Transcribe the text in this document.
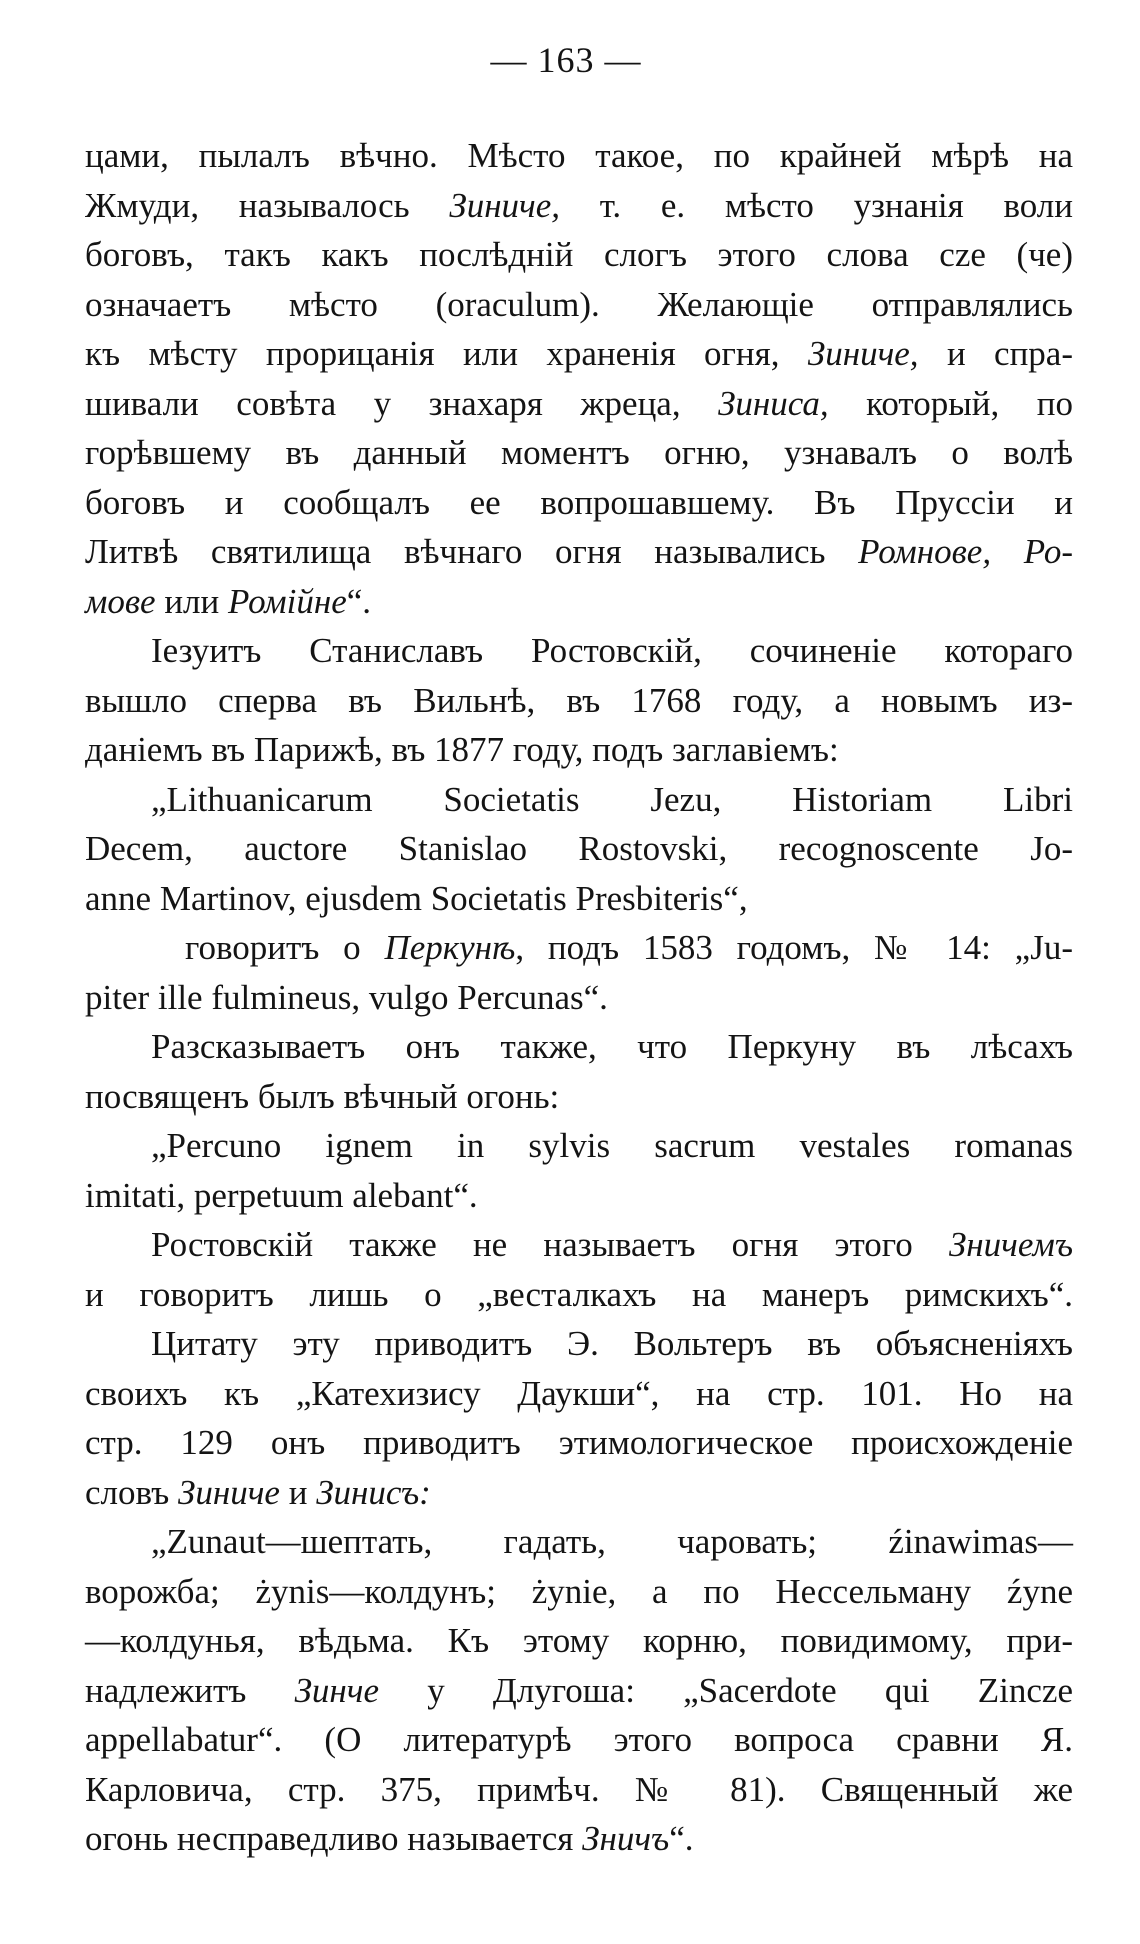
— 163 —
цами, пылалъ вѣчно. Мѣсто такое, по крайней мѣрѣ на
Жмуди, называлось Зиниче, т. е. мѣсто узнанія воли
боговъ, такъ какъ послѣдній слогъ этого слова cze (че)
означаетъ мѣсто (oraculum). Желающіе отправлялись
къ мѣсту прорицанія или храненія огня, Зиниче, и спра-
шивали совѣта у знахаря жреца, Зиниса, который, по
горѣвшему въ данный моментъ огню, узнавалъ о волѣ
боговъ и сообщалъ ее вопрошавшему. Въ Пруссіи и
Литвѣ святилища вѣчнаго огня назывались Ромнове, Ро-
мове или Ромійне“.
Іезуитъ Станиславъ Ростовскій, сочиненіе котораго
вышло сперва въ Вильнѣ, въ 1768 году, а новымъ из-
даніемъ въ Парижѣ, въ 1877 году, подъ заглавіемъ:
„Lithuanicarum Societatis Jezu, Historiam Libri
Decem, auctore Stanislao Rostovski, recognoscente Jo-
anne Martinov, ejusdem Societatis Presbiteris“,
говоритъ о Перкунѣ, подъ 1583 годомъ, № 14: „Ju-
piter ille fulmineus, vulgo Percunas“.
Разсказываетъ онъ также, что Перкуну въ лѣсахъ
посвященъ былъ вѣчный огонь:
„Percuno ignem in sylvis sacrum vestales romanas
imitati, perpetuum alebant“.
Ростовскій также не называетъ огня этого Зничемъ
и говоритъ лишь о „весталкахъ на манеръ римскихъ“.
Цитату эту приводитъ Э. Вольтеръ въ объясненіяхъ
своихъ къ „Катехизису Даукши“, на стр. 101. Но на
стр. 129 онъ приводитъ этимологическое происхожденіе
словъ Зиниче и Зинисъ:
„Zunaut—шептать, гадать, чаровать; źinawimas—
ворожба; żynis—колдунъ; żynie, а по Нессельману źyne
—колдунья, вѣдьма. Къ этому корню, повидимому, при-
надлежитъ Зинче у Длугоша: „Sacerdote qui Zincze
appellabatur“. (О литературѣ этого вопроса сравни Я.
Карловича, стр. 375, примѣч. № 81). Священный же
огонь несправедливо называется Зничъ“.
